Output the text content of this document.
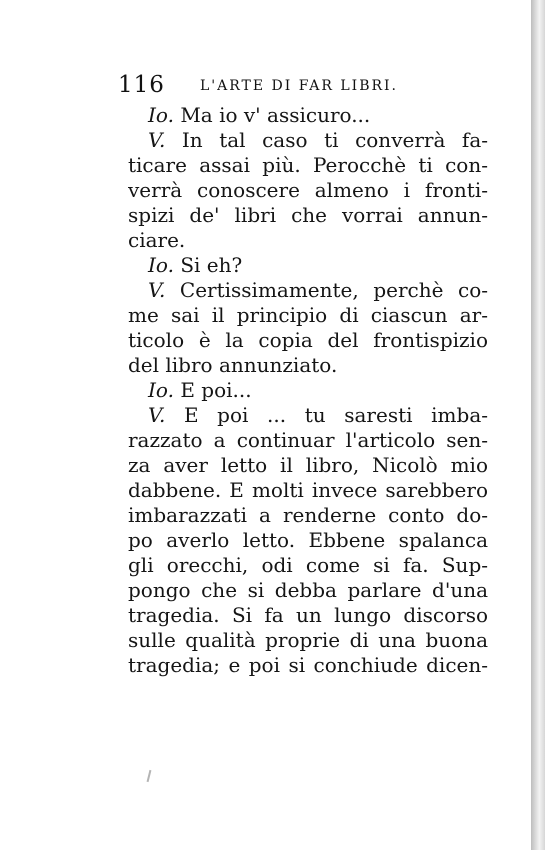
116	L'ARTE DI FAR LIBRI.
Io. Ma io v' assicuro...
V. In tal caso ti converrà fa-
ticare assai più. Perocchè ti con-
verrà conoscere almeno i fronti-
spizi de' libri che vorrai annun-
ciare.
Io. Si eh?
V. Certissimamente, perchè co-
me sai il principio di ciascun ar-
ticolo è la copia del frontispizio
del libro annunziato.
Io. E poi...
V. E poi ... tu saresti imba-
razzato a continuar l'articolo sen-
za aver letto il libro, Nicolò mio
dabbene. E molti invece sarebbero
imbarazzati a renderne conto do-
po averlo letto. Ebbene spalanca
gli orecchi, odi come si fa. Sup-
pongo che si debba parlare d'una
tragedia. Si fa un lungo discorso
sulle qualità proprie di una buona
tragedia; e poi si conchiude dicen-
